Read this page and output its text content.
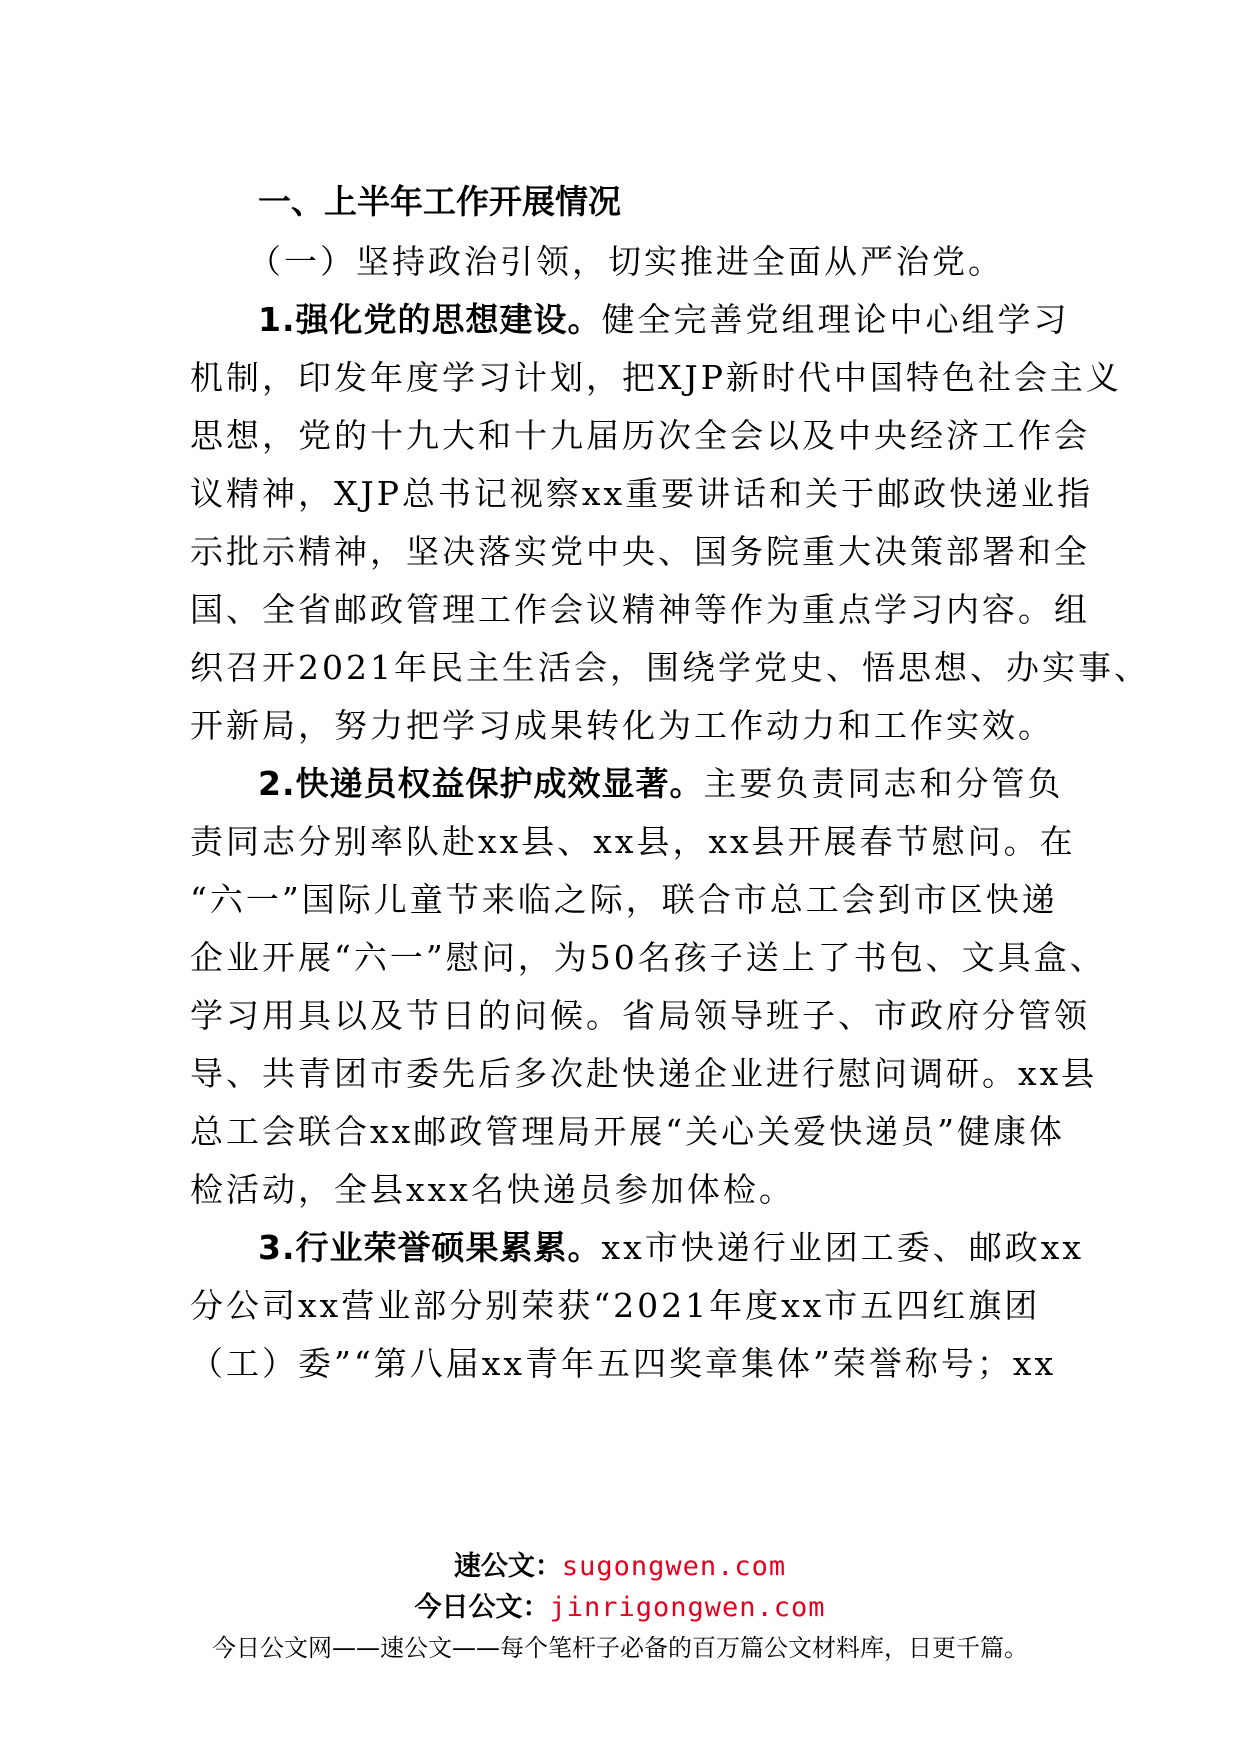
一、上半年工作开展情况
（一）坚持政治引领，切实推进全面从严治党。
1.强化党的思想建设。健全完善党组理论中心组学习
机制，印发年度学习计划，把XJP新时代中国特色社会主义
思想，党的十九大和十九届历次全会以及中央经济工作会
议精神，XJP总书记视察xx重要讲话和关于邮政快递业指
示批示精神，坚决落实党中央、国务院重大决策部署和全
国、全省邮政管理工作会议精神等作为重点学习内容。组
织召开2021年民主生活会，围绕学党史、悟思想、办实事、
开新局，努力把学习成果转化为工作动力和工作实效。
2.快递员权益保护成效显著。主要负责同志和分管负
责同志分别率队赴xx县、xx县，xx县开展春节慰问。在
“六一”国际儿童节来临之际，联合市总工会到市区快递
企业开展“六一”慰问，为50名孩子送上了书包、文具盒、
学习用具以及节日的问候。省局领导班子、市政府分管领
导、共青团市委先后多次赴快递企业进行慰问调研。xx县
总工会联合xx邮政管理局开展“关心关爱快递员”健康体
检活动，全县xxx名快递员参加体检。
3.行业荣誉硕果累累。xx市快递行业团工委、邮政xx
分公司xx营业部分别荣获“2021年度xx市五四红旗团
（工）委”“第八届xx青年五四奖章集体”荣誉称号；xx
速公文：sugongwen.com
今日公文：jinrigongwen.com
今日公文网——速公文——每个笔杆子必备的百万篇公文材料库，日更千篇。
